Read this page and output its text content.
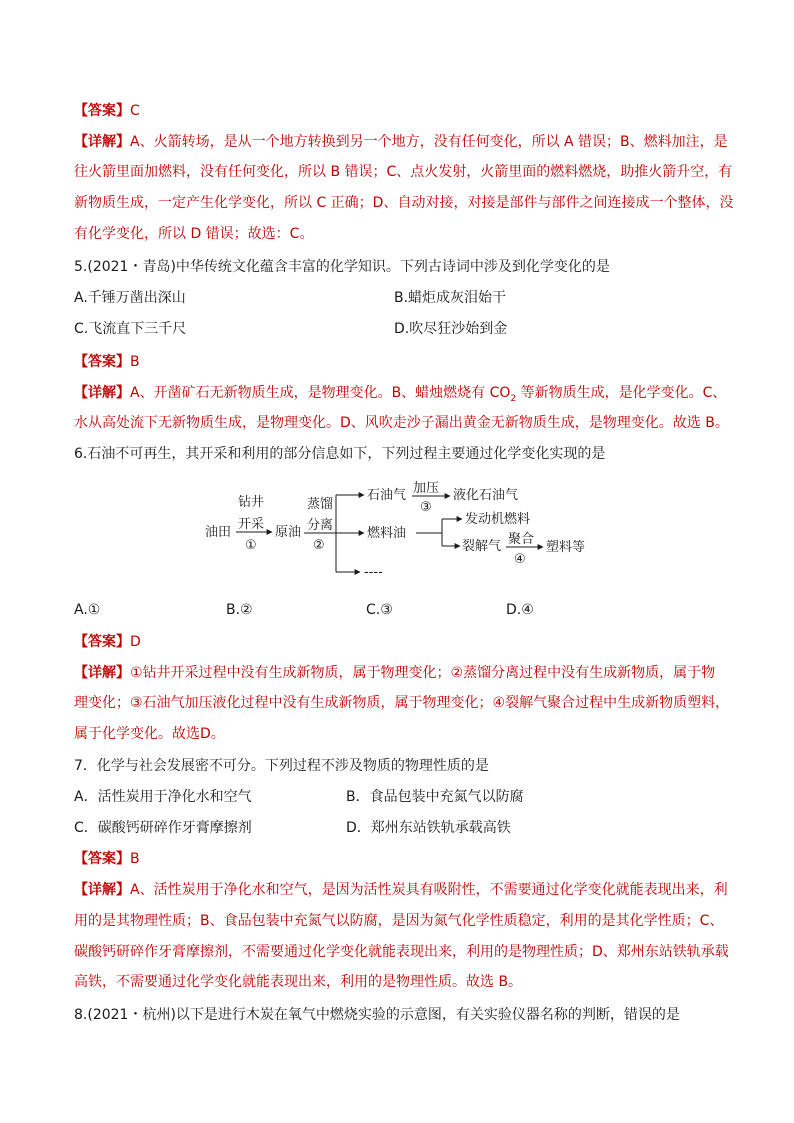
【答案】C
【详解】A、火箭转场，是从一个地方转换到另一个地方，没有任何变化，所以 A 错误；B、燃料加注，是
往火箭里面加燃料，没有任何变化，所以 B 错误；C、点火发射，火箭里面的燃料燃烧，助推火箭升空，有
新物质生成，一定产生化学变化，所以 C 正确；D、自动对接，对接是部件与部件之间连接成一个整体，没
有化学变化，所以 D 错误；故选：C。
5.(2021・青岛)中华传统文化蕴含丰富的化学知识。下列古诗词中涉及到化学变化的是
A.千锤万凿出深山	B.蜡炬成灰泪始干
C.飞流直下三千尺	D.吹尽狂沙始到金
【答案】B
【详解】A、开凿矿石无新物质生成，是物理变化。B、蜡烛燃烧有 $CO_2$ 等新物质生成，是化学变化。C、
水从高处流下无新物质生成，是物理变化。D、风吹走沙子漏出黄金无新物质生成，是物理变化。故选 B。
6.石油不可再生，其开采和利用的部分信息如下，下列过程主要通过化学变化实现的是
油田
钻井
开采
①
原油
蒸馏
分离
②
----
石油气 加压
③
液化石油气
燃料油
发动机燃料
裂解气 聚合
④
塑料等
A.①	B.②	C.③	D.④
【答案】D
【详解】①钻井开采过程中没有生成新物质，属于物理变化；②蒸馏分离过程中没有生成新物质，属于物
理变化；③石油气加压液化过程中没有生成新物质，属于物理变化；④裂解气聚合过程中生成新物质塑料，
属于化学变化。故选D。
7．化学与社会发展密不可分。下列过程不涉及物质的物理性质的是
A．活性炭用于净化水和空气	B．食品包装中充氮气以防腐
C．碳酸钙研碎作牙膏摩擦剂	D．郑州东站铁轨承载高铁
【答案】B
【详解】A、活性炭用于净化水和空气，是因为活性炭具有吸附性，不需要通过化学变化就能表现出来，利
用的是其物理性质；B、食品包装中充氮气以防腐，是因为氮气化学性质稳定，利用的是其化学性质；C、
碳酸钙研碎作牙膏摩擦剂，不需要通过化学变化就能表现出来，利用的是物理性质；D、郑州东站铁轨承载
高铁，不需要通过化学变化就能表现出来，利用的是物理性质。故选 B。
8.(2021・杭州)以下是进行木炭在氧气中燃烧实验的示意图，有关实验仪器名称的判断，错误的是
